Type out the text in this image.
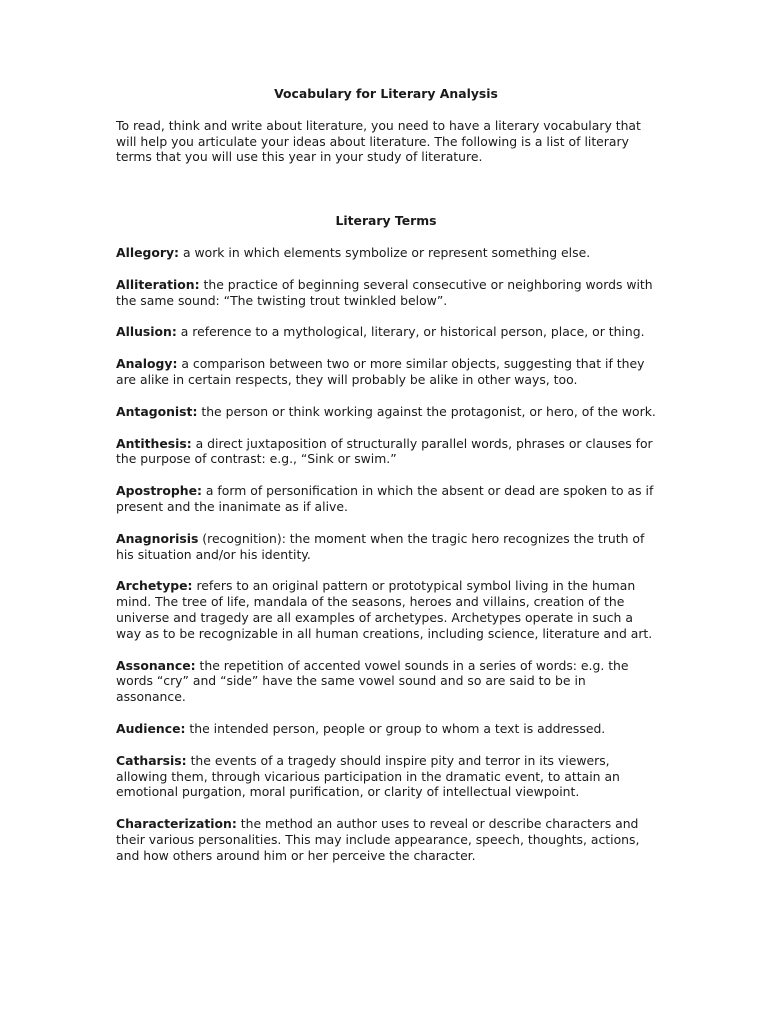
Vocabulary for Literary Analysis

To read, think and write about literature, you need to have a literary vocabulary that will help you articulate your ideas about literature. The following is a list of literary terms that you will use this year in your study of literature.

Literary Terms

Allegory: a work in which elements symbolize or represent something else.

Alliteration: the practice of beginning several consecutive or neighboring words with the same sound: “The twisting trout twinkled below”.

Allusion: a reference to a mythological, literary, or historical person, place, or thing.

Analogy: a comparison between two or more similar objects, suggesting that if they are alike in certain respects, they will probably be alike in other ways, too.

Antagonist: the person or think working against the protagonist, or hero, of the work.

Antithesis: a direct juxtaposition of structurally parallel words, phrases or clauses for the purpose of contrast: e.g., “Sink or swim.”

Apostrophe: a form of personification in which the absent or dead are spoken to as if present and the inanimate as if alive.

Anagnorisis (recognition): the moment when the tragic hero recognizes the truth of his situation and/or his identity.

Archetype: refers to an original pattern or prototypical symbol living in the human mind. The tree of life, mandala of the seasons, heroes and villains, creation of the universe and tragedy are all examples of archetypes. Archetypes operate in such a way as to be recognizable in all human creations, including science, literature and art.

Assonance: the repetition of accented vowel sounds in a series of words: e.g. the words “cry” and “side” have the same vowel sound and so are said to be in assonance.

Audience: the intended person, people or group to whom a text is addressed.

Catharsis: the events of a tragedy should inspire pity and terror in its viewers, allowing them, through vicarious participation in the dramatic event, to attain an emotional purgation, moral purification, or clarity of intellectual viewpoint.

Characterization: the method an author uses to reveal or describe characters and their various personalities. This may include appearance, speech, thoughts, actions, and how others around him or her perceive the character.
